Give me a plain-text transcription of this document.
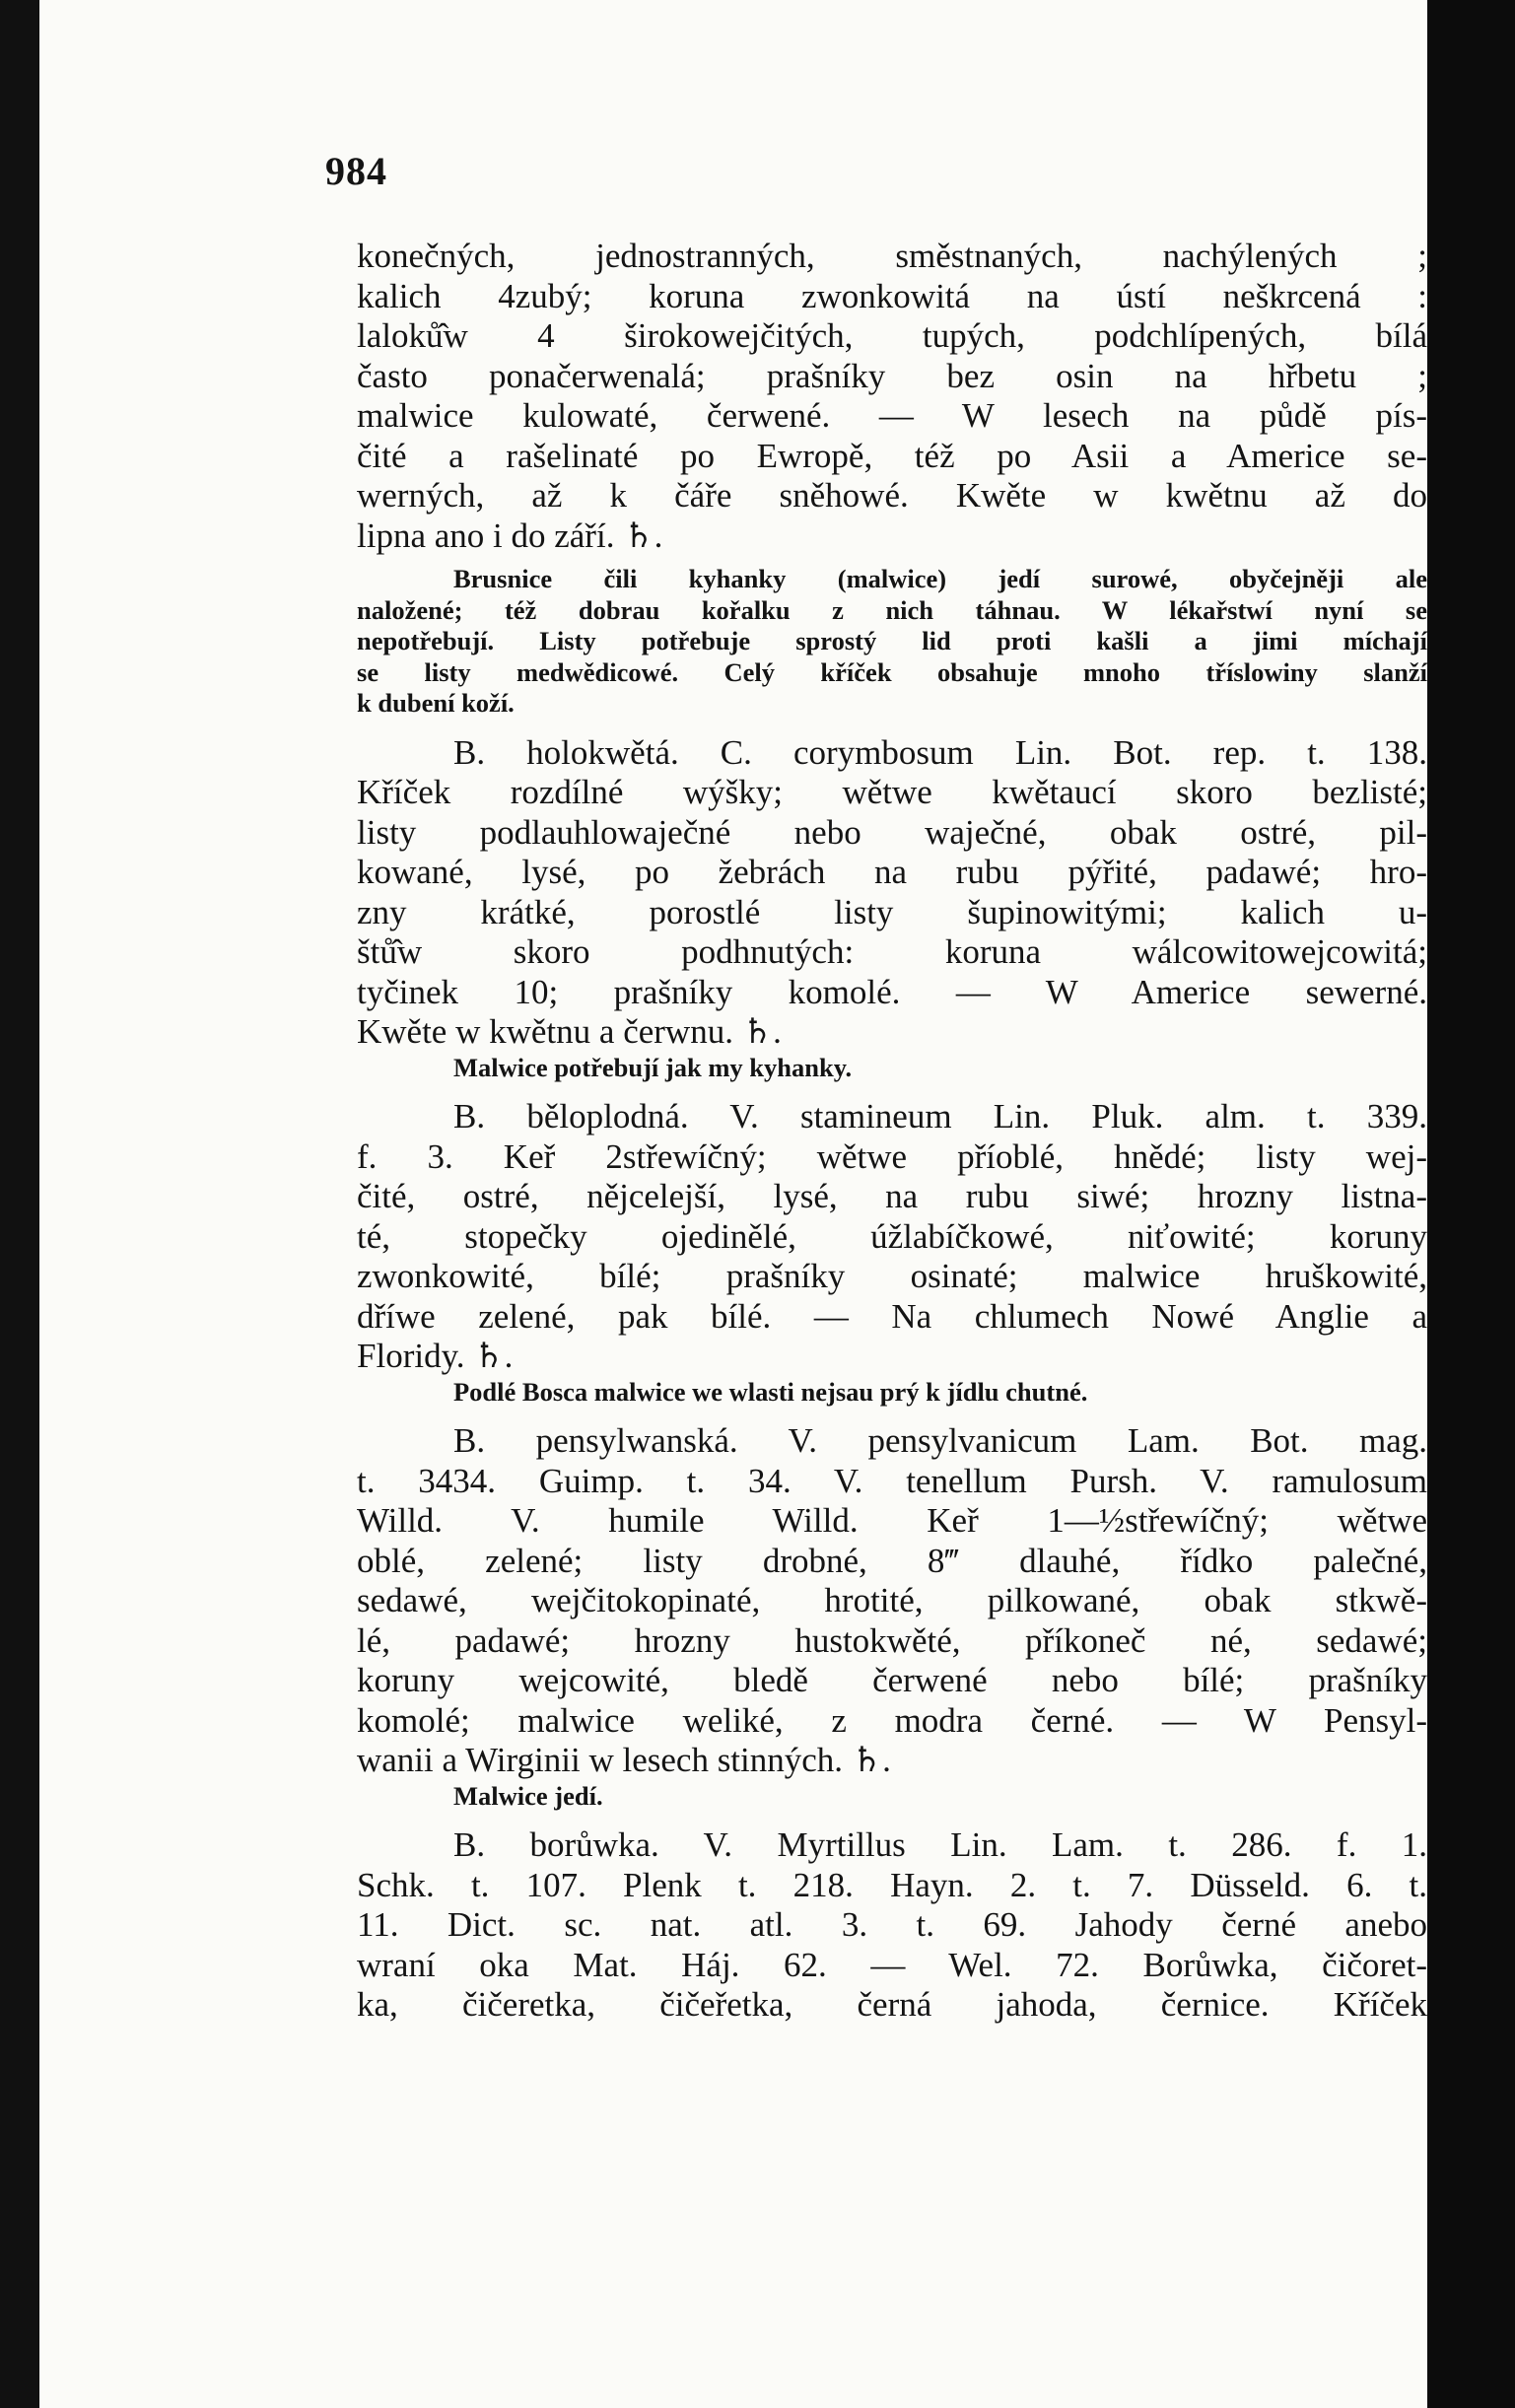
984
konečných, jednostranných, směstnaných, nachýlených ;
kalich 4zubý; koruna zwonkowitá na ústí neškrcená :
laloků̂w 4 širokowejčitých, tupých, podchlípených, bílá
často ponačerwenalá; prašníky bez osin na hřbetu ;
malwice kulowaté, čerwené. — W lesech na půdě pís-
čité a rašelinaté po Ewropě, též po Asii a Americe se-
werných, až k čáře sněhowé. Kwěte w kwětnu až do
lipna ano i do září. ♄.
Brusnice čili kyhanky (malwice) jedí surowé, obyčejněji ale
naložené; též dobrau kořalku z nich táhnau. W lékařstwí nyní se
nepotřebují. Listy potřebuje sprostý lid proti kašli a jimi míchají
se listy medwědicowé. Celý kříček obsahuje mnoho tříslowiny slanží
k dubení koží.
B. holokwětá. C. corymbosum Lin. Bot. rep. t. 138.
Kříček rozdílné wýšky; wětwe kwětaucí skoro bezlisté;
listy podlauhlowaječné nebo waječné, obak ostré, pil-
kowané, lysé, po žebrách na rubu pýřité, padawé; hro-
zny krátké, porostlé listy šupinowitými; kalich u-
štů̂w skoro podhnutých: koruna wálcowitowejcowitá;
tyčinek 10; prašníky komolé. — W Americe sewerné.
Kwěte w kwětnu a čerwnu. ♄.
Malwice potřebují jak my kyhanky.
B. běloplodná. V. stamineum Lin. Pluk. alm. t. 339.
f. 3. Keř 2střewíčný; wětwe příoblé, hnědé; listy wej-
čité, ostré, nějcelejší, lysé, na rubu siwé; hrozny listna-
té, stopečky ojedinělé, úžlabíčkowé, niťowité; koruny
zwonkowité, bílé; prašníky osinaté; malwice hruškowité,
dříwe zelené, pak bílé. — Na chlumech Nowé Anglie a
Floridy. ♄.
Podlé Bosca malwice we wlasti nejsau prý k jídlu chutné.
B. pensylwanská. V. pensylvanicum Lam. Bot. mag.
t. 3434. Guimp. t. 34. V. tenellum Pursh. V. ramulosum
Willd. V. humile Willd. Keř 1—½střewíčný; wětwe
oblé, zelené; listy drobné, 8‴ dlauhé, řídko palečné,
sedawé, wejčitokopinaté, hrotité, pilkowané, obak stkwě-
lé, padawé; hrozny hustokwěté, příkoneč né, sedawé;
koruny wejcowité, bledě čerwené nebo bílé; prašníky
komolé; malwice weliké, z modra černé. — W Pensyl-
wanii a Wirginii w lesech stinných. ♄.
Malwice jedí.
B. borůwka. V. Myrtillus Lin. Lam. t. 286. f. 1.
Schk. t. 107. Plenk t. 218. Hayn. 2. t. 7. Düsseld. 6. t.
11. Dict. sc. nat. atl. 3. t. 69. Jahody černé anebo
wraní oka Mat. Háj. 62. — Wel. 72. Borůwka, čičoret-
ka, čičeretka, čičeřetka, černá jahoda, černice. Kříček
